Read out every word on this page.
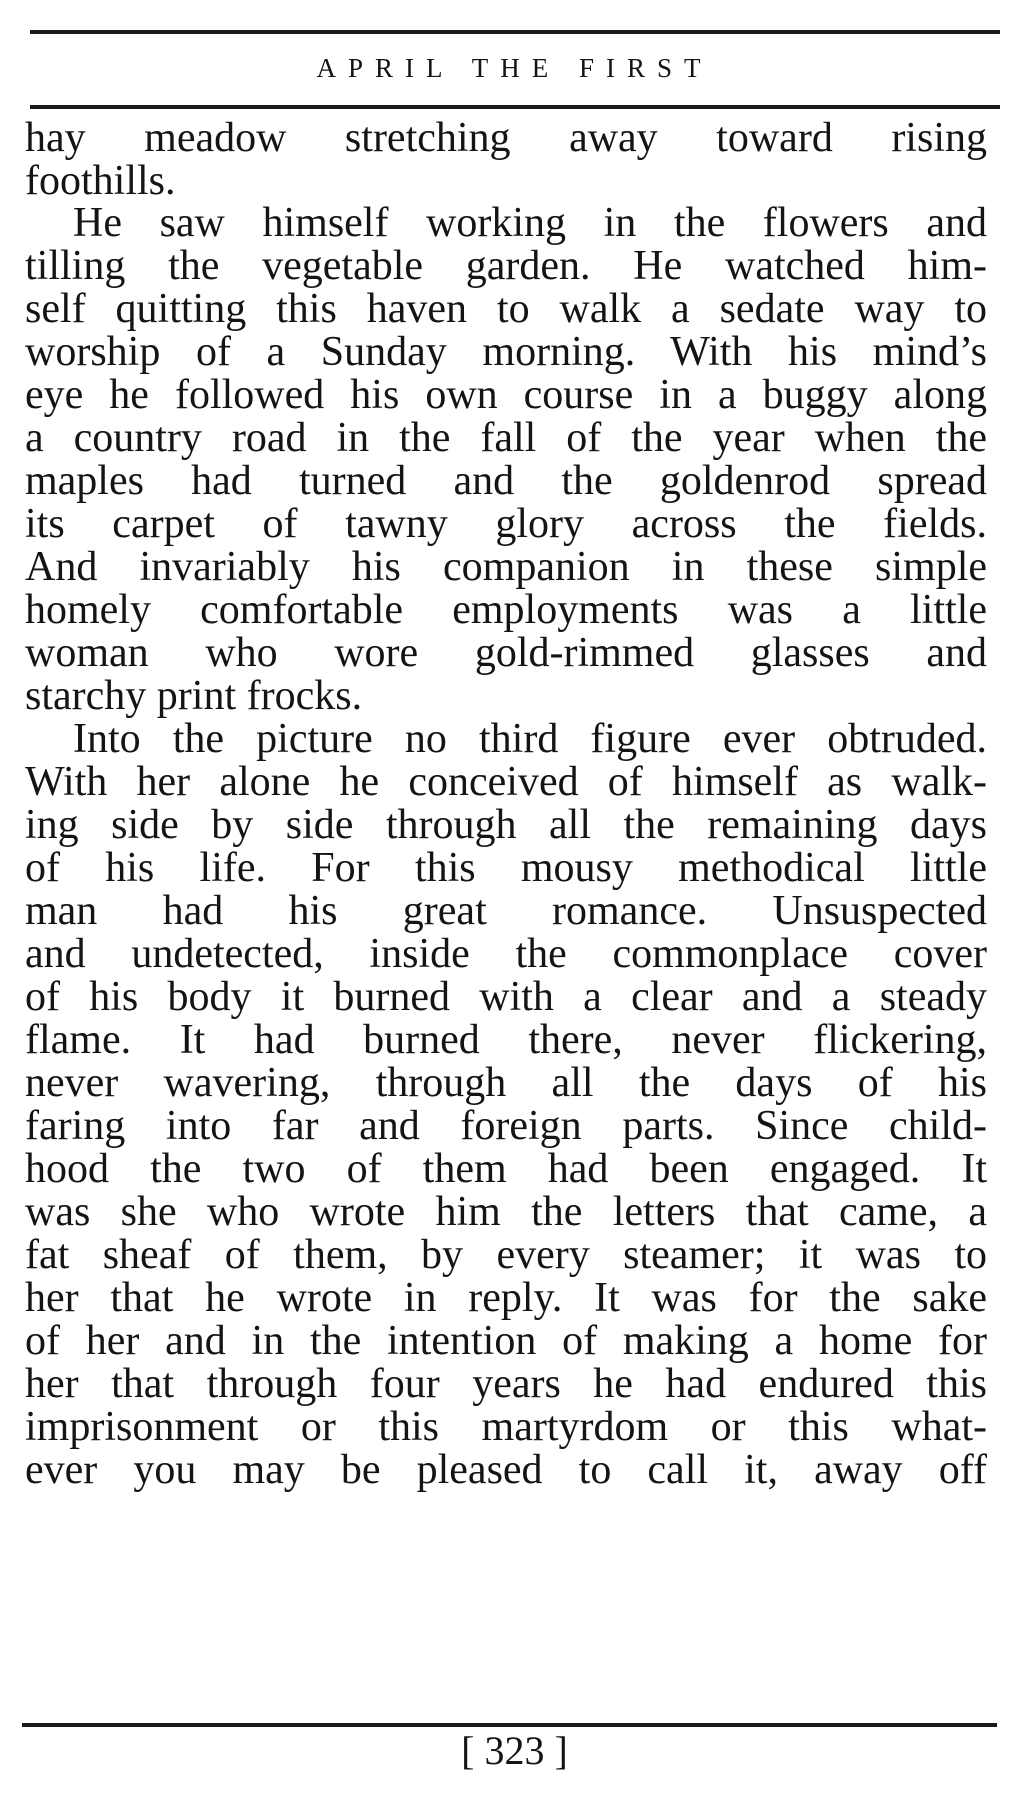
APRIL THE FIRST
hay meadow stretching away toward rising
foothills.
He saw himself working in the flowers and
tilling the vegetable garden. He watched him-
self quitting this haven to walk a sedate way to
worship of a Sunday morning. With his mind’s
eye he followed his own course in a buggy along
a country road in the fall of the year when the
maples had turned and the goldenrod spread
its carpet of tawny glory across the fields.
And invariably his companion in these simple
homely comfortable employments was a little
woman who wore gold-rimmed glasses and
starchy print frocks.
Into the picture no third figure ever obtruded.
With her alone he conceived of himself as walk-
ing side by side through all the remaining days
of his life. For this mousy methodical little
man had his great romance. Unsuspected
and undetected, inside the commonplace cover
of his body it burned with a clear and a steady
flame. It had burned there, never flickering,
never wavering, through all the days of his
faring into far and foreign parts. Since child-
hood the two of them had been engaged. It
was she who wrote him the letters that came, a
fat sheaf of them, by every steamer; it was to
her that he wrote in reply. It was for the sake
of her and in the intention of making a home for
her that through four years he had endured this
imprisonment or this martyrdom or this what-
ever you may be pleased to call it, away off
[ 323 ]
